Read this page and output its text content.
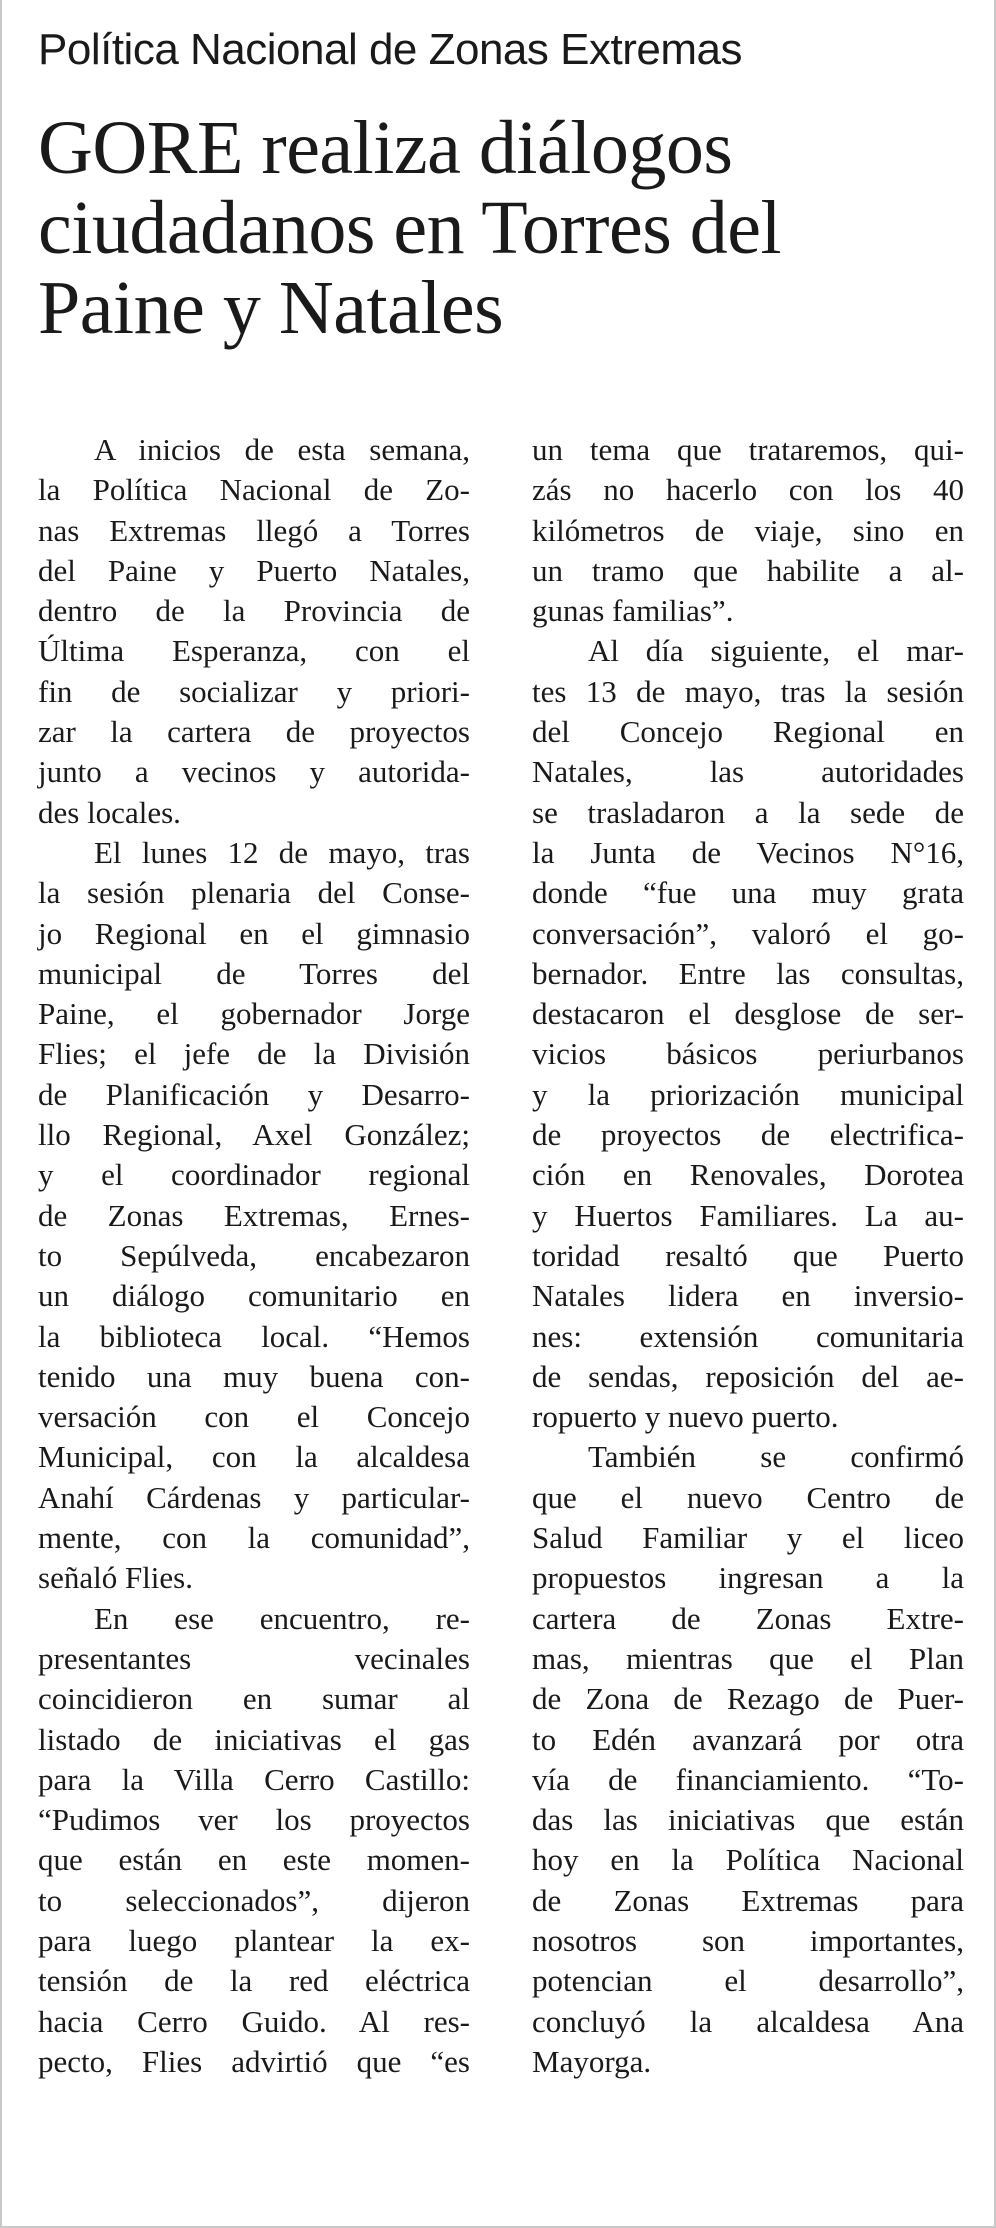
Política Nacional de Zonas Extremas
GORE realiza diálogos
ciudadanos en Torres del
Paine y Natales
A inicios de esta semana,
la Política Nacional de Zo-
nas Extremas llegó a Torres
del Paine y Puerto Natales,
dentro de la Provincia de
Última Esperanza, con el
fin de socializar y priori-
zar la cartera de proyectos
junto a vecinos y autorida-
des locales.
El lunes 12 de mayo, tras
la sesión plenaria del Conse-
jo Regional en el gimnasio
municipal de Torres del
Paine, el gobernador Jorge
Flies; el jefe de la División
de Planificación y Desarro-
llo Regional, Axel González;
y el coordinador regional
de Zonas Extremas, Ernes-
to Sepúlveda, encabezaron
un diálogo comunitario en
la biblioteca local. “Hemos
tenido una muy buena con-
versación con el Concejo
Municipal, con la alcaldesa
Anahí Cárdenas y particular-
mente, con la comunidad”,
señaló Flies.
En ese encuentro, re-
presentantes vecinales
coincidieron en sumar al
listado de iniciativas el gas
para la Villa Cerro Castillo:
“Pudimos ver los proyectos
que están en este momen-
to seleccionados”, dijeron
para luego plantear la ex-
tensión de la red eléctrica
hacia Cerro Guido. Al res-
pecto, Flies advirtió que “es
un tema que trataremos, qui-
zás no hacerlo con los 40
kilómetros de viaje, sino en
un tramo que habilite a al-
gunas familias”.
Al día siguiente, el mar-
tes 13 de mayo, tras la sesión
del Concejo Regional en
Natales, las autoridades
se trasladaron a la sede de
la Junta de Vecinos N°16,
donde “fue una muy grata
conversación”, valoró el go-
bernador. Entre las consultas,
destacaron el desglose de ser-
vicios básicos periurbanos
y la priorización municipal
de proyectos de electrifica-
ción en Renovales, Dorotea
y Huertos Familiares. La au-
toridad resaltó que Puerto
Natales lidera en inversio-
nes: extensión comunitaria
de sendas, reposición del ae-
ropuerto y nuevo puerto.
También se confirmó
que el nuevo Centro de
Salud Familiar y el liceo
propuestos ingresan a la
cartera de Zonas Extre-
mas, mientras que el Plan
de Zona de Rezago de Puer-
to Edén avanzará por otra
vía de financiamiento. “To-
das las iniciativas que están
hoy en la Política Nacional
de Zonas Extremas para
nosotros son importantes,
potencian el desarrollo”,
concluyó la alcaldesa Ana
Mayorga.
